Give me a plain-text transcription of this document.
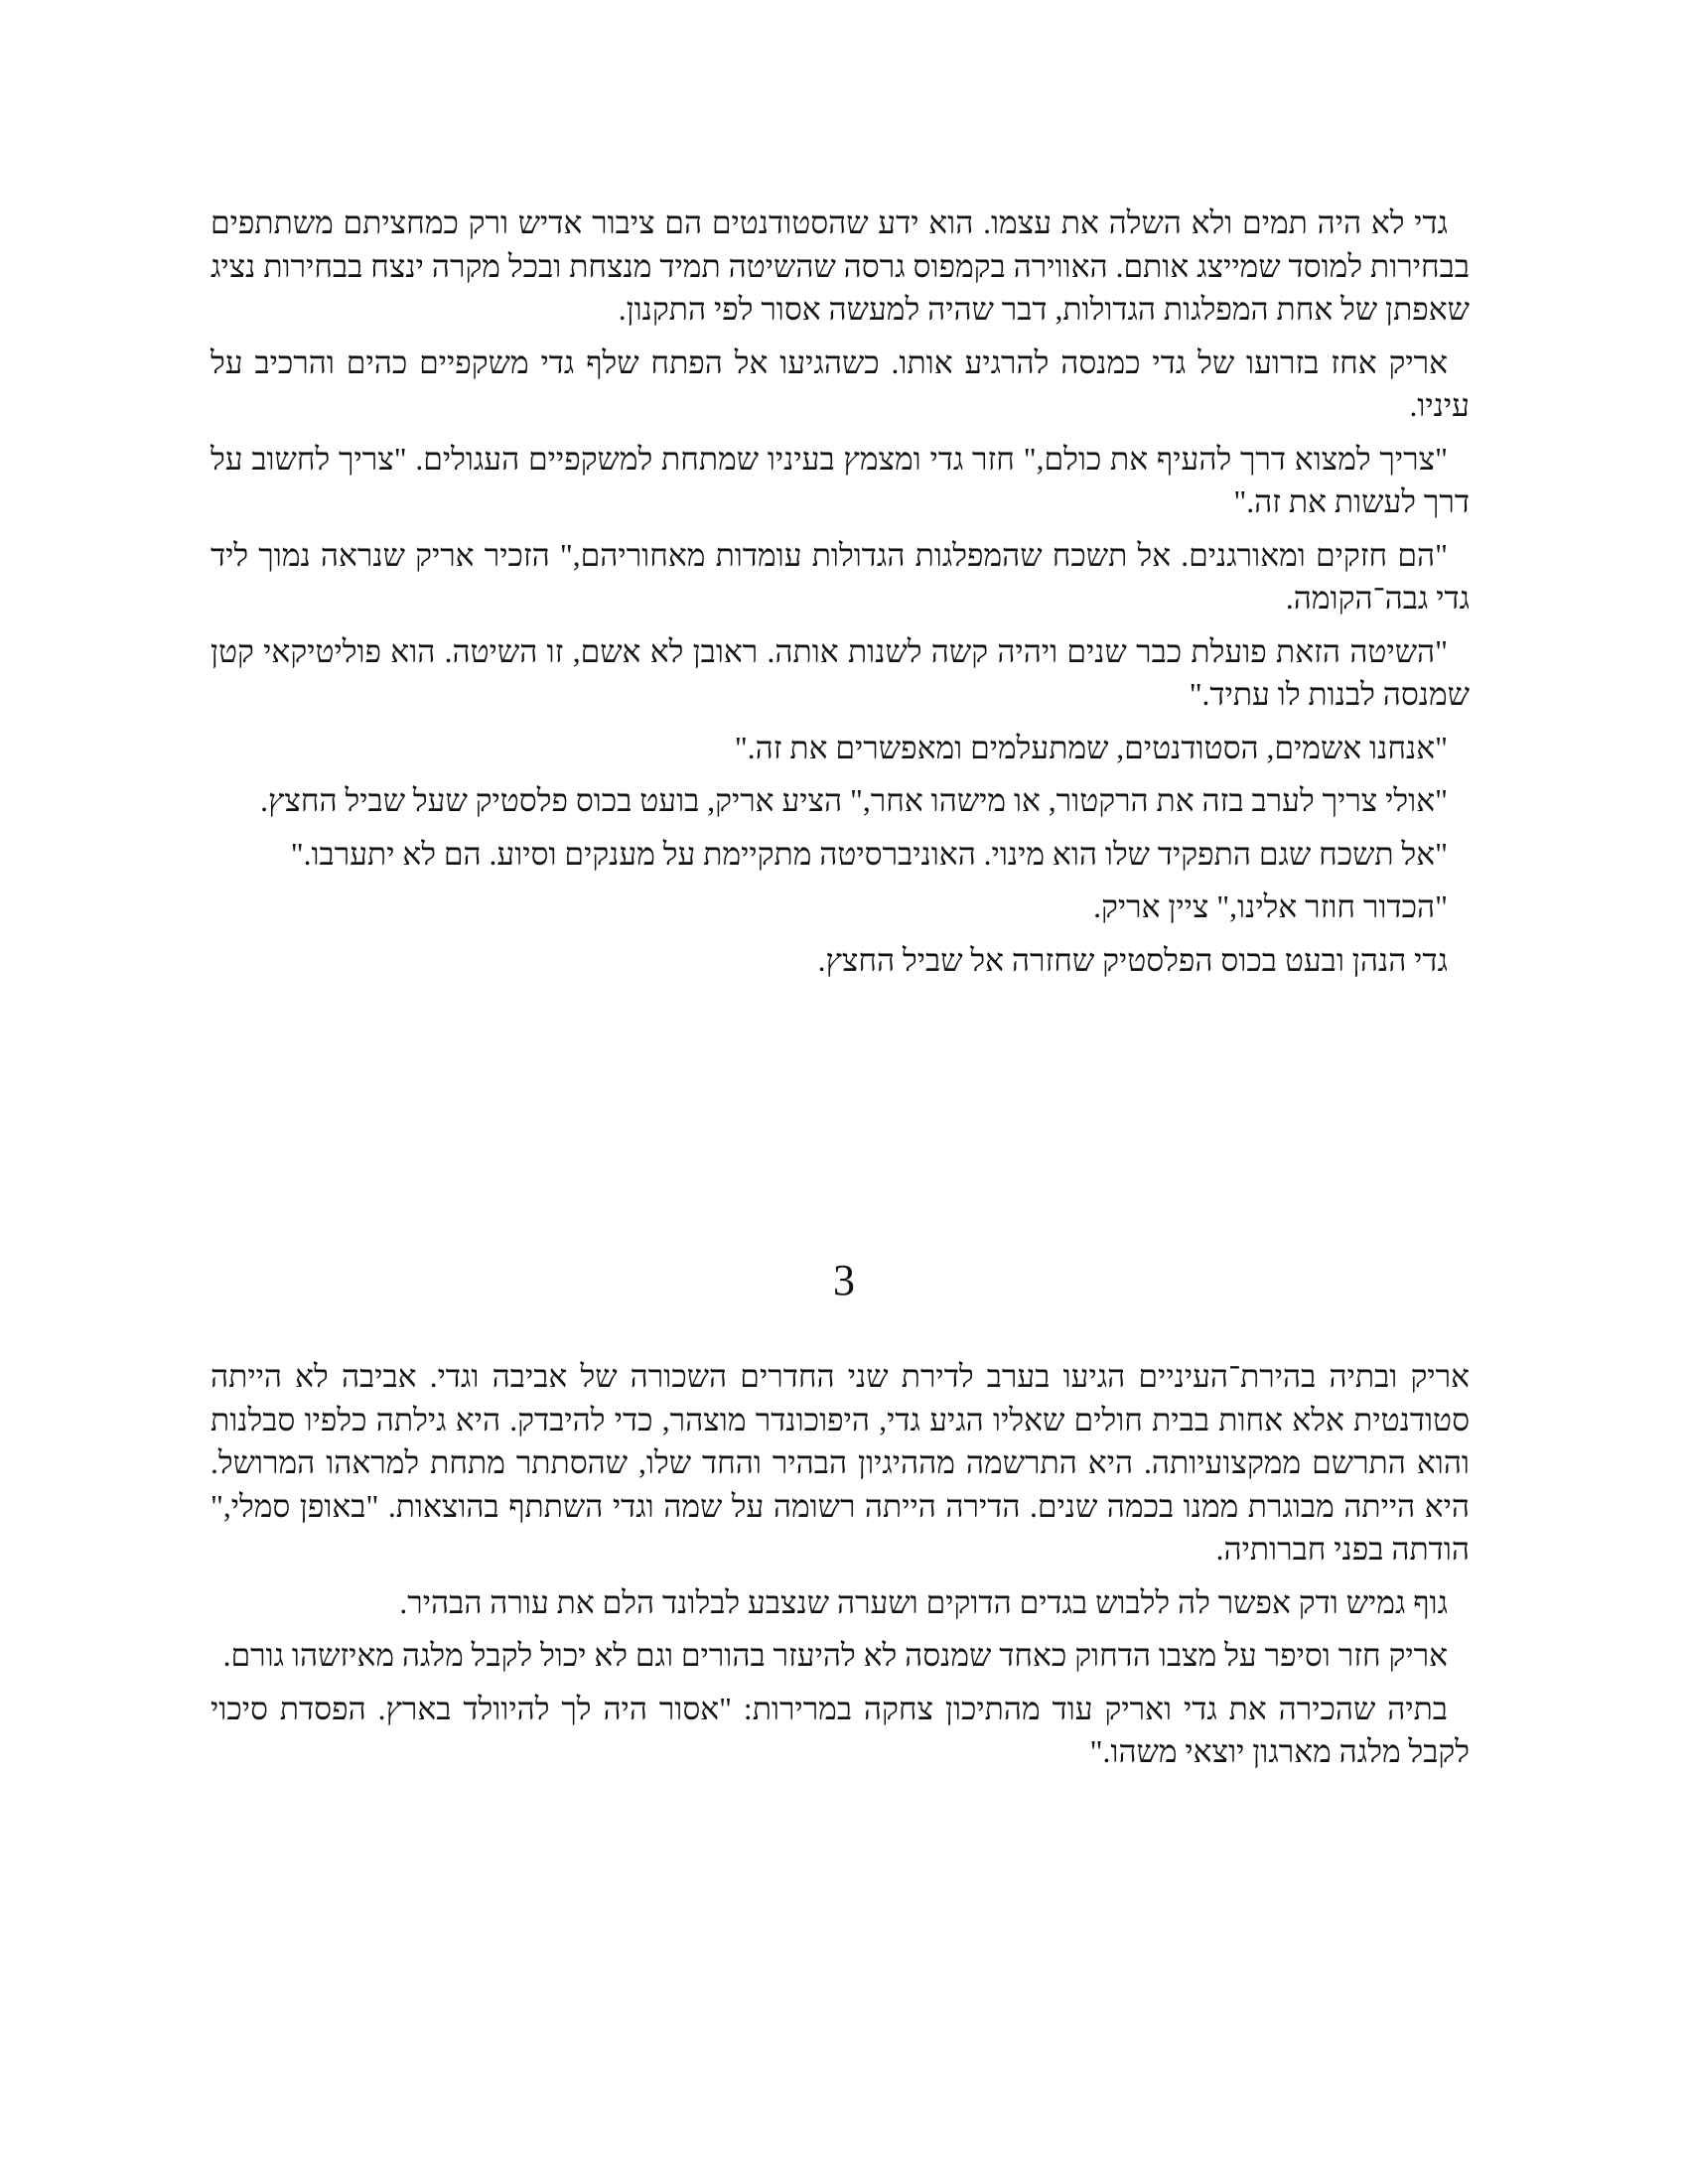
גדי לא היה תמים ולא השלה את עצמו. הוא ידע שהסטודנטים הם ציבור אדיש ורק כמחציתם משתתפים בבחירות למוסד שמייצג אותם. האווירה בקמפוס גרסה שהשיטה תמיד מנצחת ובכל מקרה ינצח בבחירות נציג שאפתן של אחת המפלגות הגדולות, דבר שהיה למעשה אסור לפי התקנון.

אריק אחז בזרועו של גדי כמנסה להרגיע אותו. כשהגיעו אל הפתח שלף גדי משקפיים כהים והרכיב על עיניו.

"צריך למצוא דרך להעיף את כולם," חזר גדי ומצמץ בעיניו שמתחת למשקפיים העגולים. "צריך לחשוב על דרך לעשות את זה."

"הם חזקים ומאורגנים. אל תשכח שהמפלגות הגדולות עומדות מאחוריהם," הזכיר אריק שנראה נמוך ליד גדי גבה־הקומה.

"השיטה הזאת פועלת כבר שנים ויהיה קשה לשנות אותה. ראובן לא אשם, זו השיטה. הוא פוליטיקאי קטן שמנסה לבנות לו עתיד."

"אנחנו אשמים, הסטודנטים, שמתעלמים ומאפשרים את זה."

"אולי צריך לערב בזה את הרקטור, או מישהו אחר," הציע אריק, בועט בכוס פלסטיק שעל שביל החצץ.

"אל תשכח שגם התפקיד שלו הוא מינוי. האוניברסיטה מתקיימת על מענקים וסיוע. הם לא יתערבו."

"הכדור חוזר אלינו," ציין אריק.

גדי הנהן ובעט בכוס הפלסטיק שחזרה אל שביל החצץ.

3

אריק ובתיה בהירת־העיניים הגיעו בערב לדירת שני החדרים השכורה של אביבה וגדי. אביבה לא הייתה סטודנטית אלא אחות בבית חולים שאליו הגיע גדי, היפוכונדר מוצהר, כדי להיבדק. היא גילתה כלפיו סבלנות והוא התרשם ממקצועיותה. היא התרשמה מההיגיון הבהיר והחד שלו, שהסתתר מתחת למראהו המרושל. היא הייתה מבוגרת ממנו בכמה שנים. הדירה הייתה רשומה על שמה וגדי השתתף בהוצאות. "באופן סמלי," הודתה בפני חברותיה.

גוף גמיש ודק אפשר לה ללבוש בגדים הדוקים ושערה שנצבע לבלונד הלם את עורה הבהיר.

אריק חזר וסיפר על מצבו הדחוק כאחד שמנסה לא להיעזר בהורים וגם לא יכול לקבל מלגה מאיזשהו גורם.

בתיה שהכירה את גדי ואריק עוד מהתיכון צחקה במרירות: "אסור היה לך להיוולד בארץ. הפסדת סיכוי לקבל מלגה מארגון יוצאי משהו."
